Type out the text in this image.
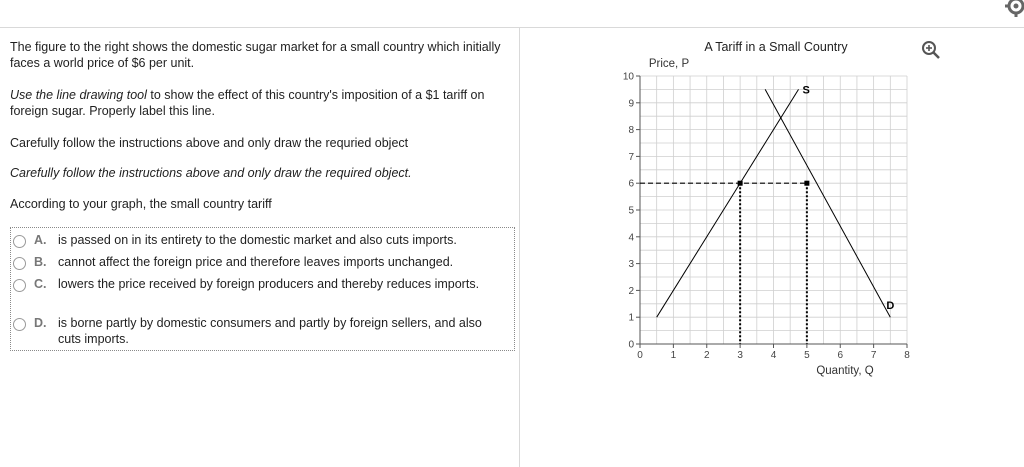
The figure to the right shows the domestic sugar market for a small country which initially faces a world price of $6 per unit.

Use the line drawing tool to show the effect of this country's imposition of a $1 tariff on foreign sugar. Properly label this line.

Carefully follow the instructions above and only draw the requried object

Carefully follow the instructions above and only draw the required object.

According to your graph, the small country tariff

A. is passed on in its entirety to the domestic market and also cuts imports.
B. cannot affect the foreign price and therefore leaves imports unchanged.
C. lowers the price received by foreign producers and thereby reduces imports.
D. is borne partly by domestic consumers and partly by foreign sellers, and also cuts imports.
A Tariff in a Small Country
Price, P
Quantity, Q
0	1	2	3	4	5	6	7	8
0
1
2
3
4
5
6
7
8
9
10
S
D
